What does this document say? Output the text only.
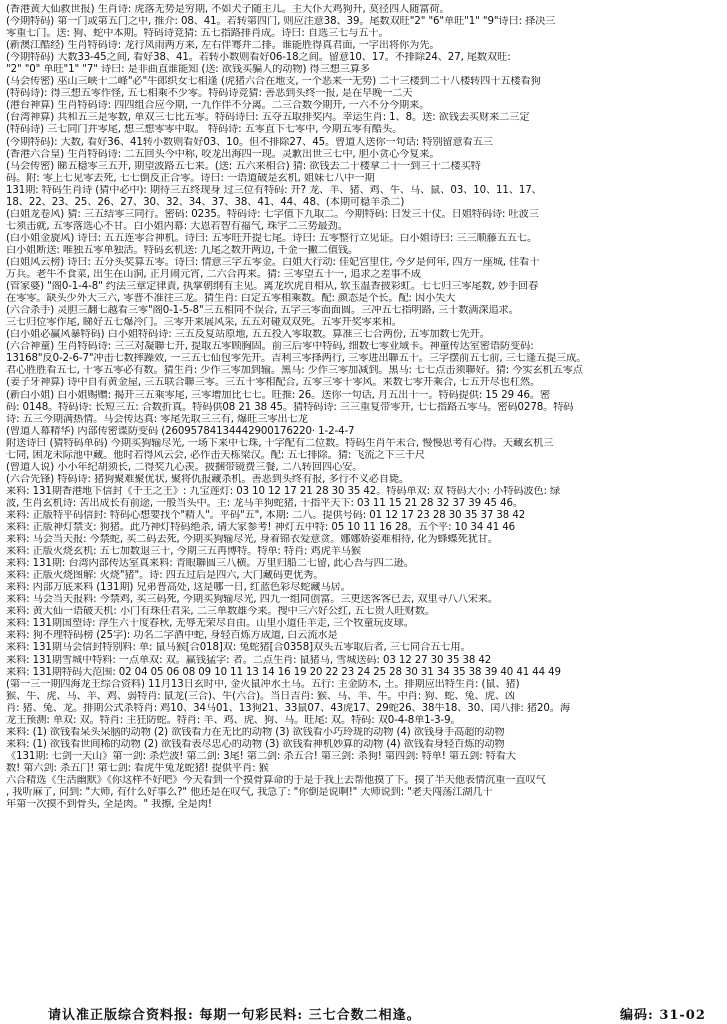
(香港黄大仙救世报) 生肖诗: 虎落无势是穷期, 不如犬子随主儿。主大仆大鸡狗升, 莫径四人随富荷。
(今期特码) 第一门或第五门之中, 推介: 08、41。若转第四门, 则应注意38、39。尾数双旺"2" "6"单旺"1" "9"诗曰: 择决三
零重七门。送: 狗、蛇中本期。特码诗竞猜: 五七指路排肖成。诗曰: 自选三七与五十。
(新澳江酷经) 生肖特码诗: 龙行凤雨两方来, 左右伴骞并二排。谁能胜得真君面, 一字出将你为先。
(今期特码) 大数33-45之间, 看好38、41。若转小数则看好06-18之间。留意10、17。不排除24、27, 尾数双旺:
"2" "0" 单旺"1" "7" 诗曰: 是非曲直谁能知 (送: 欲钱买骗人的动物) 得三想三算多
(马会传密) 巫山三峡十二峰"必"牛郎织女七相逢 (虎猪六合在地支, 一个恶来一无势) 二十三楼到二十八楼转四十五楼看狗
(特码诗): 得三想五零作怪, 五七相乘不少零。特码诗竞猜: 善恶到头终一报, 是在早晚一二天
(港台神算) 生肖特码诗: 四四组合应今期, 一九作伴不分离。二三合数今期开, 一六不分今期来。
(台湾神算) 共和五三是零数, 单双三七比五零。特码诗曰: 五夺五取排奖内。幸运生肖: 1、8。送: 欲钱去买财来二三定
(特码诗) 三七同门并零尾, 想三想零零中取。 特码诗: 五零直下七零中, 今期五零有酷头。
(今期特码): 大数, 看好36、41转小数则看好03、10。但不排除27、45。曾道人送你一句话: 特别留意看五三
(香港六合皇) 生肖特码诗: 二五回头今中称, 咬龙出海四一现。灵歉出世三七中, 胆小贪心今复来。
(马会传密) 睇五稳零三五开, 期望波路五七来。(送: 五六来相合) 猜: 欲钱去二十楼拿二十一到三十二楼买特
码。附: 零上七见零去死, 七七倒反正合零。诗曰: 一语道破是玄机, 姐妹七八中一期
131期: 特码生肖诗 (猜中必中): 期待三五终现身 过三位有特码: 开? 龙、羊、猪、鸡、牛、马、鼠、03、10、11、17、
18、22、23、25、26、27、30、32、34、37、38、41、44、48、(本期可稳羊杀二)
(白姐龙卷风) 猜: 三五结零三同行。密码: 0235。特码诗: 七字值下九取二。今期特码: 日发三十仗。日姐特码诗: 吐波三
七须击就, 五零落选心不甘。白小姐内幕: 大恩若智有福气, 珠宇二三势最劲。
(白小姐金旋风) 诗曰: 五五连零合神机。诗曰: 五零旺开提七尾。诗曰: 五零整行立见证。白小姐诗曰: 三三顺藤五五七。
白小姐断送: 唯独五零单独活。特码玄机送: 九尾之数开两边, 千金一撇二值钱。
(白姐风云榜) 诗曰: 五分头奖算五零。诗曰: 情意三字五零金。白姐大行动: 佳妃宫里住, 今夕是何年, 四方一座城, 住看十
万兵。老牛不食菜, 出生在山洞, 正月闹元宵, 二六合再来。猜: 三零望五十一, 追求之差事不成
(管家婆) "阁0-1-4-8" 约法三章定律責, 执掌朝纲有主见。离龙坎虎自相从, 软玉温香披彩虹。七七归三零尾数, 妙手回春
在零零。缺头少外大三六, 零普不准往三龙。猜生肖: 白定五零相乘数。配: 颜态是个长。配: 因小失大
(六合杀手) 灵胆三翻七越看三零"阁0-1-5-8"三五相同不误合, 五字三零面面圆。三冲五七指明路, 三十数满深追求。
三七归位零作尾, 睇好五七爆冷门。三零开来展风采, 五五对碰双双死。五零开奖零来和。
(白小姐必赢风暴特码) 白小姐特码诗: 三五反复站原地, 五五投入零取数。算准三七合两份, 五零加数七先开。
(六合神童) 生肖特码诗: 三三对凝聯七开, 提取五零顾胸固。前三后零中特码, 细数七零业域卡。神童传达室密语防变码:
13168"反0-2-6-7"冲击七数摔躁效, 一三五七仙包零先开。吉利三零择两行, 三零进出聯五十。三字摆前五七前, 三七逢五提三成。
君心胜胜看五七, 十零五零必有数。猜生肖: 少作三零加到输。黑马: 少作三零加减到。黑马: 七七点击须聯好。猜: 今实玄机五零点
(姜子牙神算) 诗中自有黄金屋, 三五联合聯三零。三五十零相配合, 五零三零十零风。来数七零开乘合, 七五开尽也杠然。
(新白小姐) 白小姐赐赠: 揭开三五乘零尾, 三零增加比七七。旺推: 26。送你一句话, 月五出十一。特码提供: 15 29 46。密
码: 0148。特码诗: 长短三五: 合数折真。特码供08 21 38 45。猜特码诗: 三三重复带零开, 七七指路五零马。密码0278。特码
诗: 五三今期满热情。马会传达真: 零尾先取三三有, 爆旺三零出七龙
(曾道人幕精华) 内部传密谍防变码 (26095784134442900176220· 1-2-4-7
附送诗曰 (猜特码单码) 今期买狗输尽光, 一场下来中七珠, 十字配有二位数。特码生肖午未合, 慢慢思考有心得。天藏玄机三
七同, 困龙未际池中藏。他时若得风云会, 必作击天栋梁汉。配: 五七排除。猜: 飞流之下三千尺
(曾道人说) 小小年纪胡须长, 二得奖九心羡。披捆带镜费三餐, 二八转回四心安。
(六合先锋) 特码诗: 猪狗聚难聚优状, 聚将仇报藏杀机。善恶到头终有报, 多行不义必自毙。
来料: 131期香港地下信封《千王之王》: 九宝莲灯: 03 10 12 17 21 28 30 35 42。特码单双: 双 特码大小: 小特码波色: 绿
波, 生肖玄机诗: 苦出成长有前途, 一般当头中。主: 龙马羊狗蛇猪, 十指平天下: 03 11 15 21 28 32 37 39 45 46。
来料: 正版特平码信封: 特码心想要找个"精人"。平码"五", 本期: 二八。提供号码: 01 12 17 23 28 30 35 37 38 42
来料: 正版神灯禁支: 狗猪。此乃神灯特码绝杀, 请大家参考! 神灯五中特: 05 10 11 16 28。五个平: 10 34 41 46
来料: 马会当天报: 今禁蛇, 买二码去死, 今期买狗输尽光, 身着锦衣爱意贪。娜娜娇姿难相待, 化为蜂蝶死犹甘。
来料: 正版火烧玄机: 五七加数退三十, 今期三五再博特。特单: 特肖: 鸡虎羊马猴
来料: 131期: 台湾内部传达室真来料: 青眼聯圆三八横。万里归船二七留, 此心吾与四二逊。
来料: 正版火烧图解: 火烧"猪"。诗: 四五过后是四六, 大门藏码更优秀。
来料: 内部万底来料 (131期) 兄弟普高处, 这是哪一日, 红蓝色彩尽蛇藏马居。
来料: 马会当天报料: 今禁鸡, 买三码死, 今期买狗输尽光, 四九一组同创富。三更送客客已去, 双里寻八八宋来。
来料: 黄大仙一语破天机: 小门有珠任君采, 二三单数雄今来。搜中三六好公红, 五七贵人旺财数。
来料: 131期国塑诗: 浮生六十度春秋, 无辱无荣尽自由。山里小道任羊走, 三个牧童玩皮球。
来料: 狗不理特码榜 (25字): 功名二字酒中蛇, 身轻百炼方成道, 白云流水是
来料: 131期马会信封特别料: 单: 鼠马猴[合018]双: 兔蛇猪[合0358]双头五零取后者, 三七同合五七用。
来料: 131期雪城中特料: 一点单双: 双。赢钱猛字: 者。二点生肖: 鼠猪马, 雪城送码: 03 12 27 30 35 38 42
来料: 131期特码大范围: 02 04 05 06 08 09 10 11 13 14 16 19 20 22 23 24 25 28 30 31 34 35 38 39 40 41 44 49
(第一三一期四海龙王综合资料) 11月13日玄时中, 金火鼠冲水土马。五行: 主金防木, 土。排期应出特生肖: (鼠、猪)
猴、牛、虎、马、羊、鸡、弱特肖: 鼠龙(三合)、牛(六合)。当日吉肖: 猴、马、羊、牛。中肖: 狗、蛇、兔、虎、凶
肖: 猪、兔、龙。排期公式杀特肖: 鸡10、34马01、13狗21、33鼠07、43虎17、29蛇26、38牛18、30、闰八排: 猪20。海
龙王预测: 单双: 双。特肖: 主狂防蛇。特肖: 羊、鸡、虎、狗、马。旺尾: 双。特码: 双0-4-8单1-3-9。
来料: (1) 欲钱看呆头呆脑的动物 (2) 欲钱看力在无比的动物 (3) 欲钱看小巧玲珑的动物 (4) 欲钱身手高超的动物
来料: (1) 欲钱看世间稀的动物 (2) 欲钱看表尽忠心的动物 (3) 欲钱看神机妙算的动物 (4) 欲钱看身轻百炼的动物
《131期: 七剑一天山》第一剑: 杀烂波! 第二剑: 3尾! 第二剑: 杀五合! 第三剑: 杀狗! 第四剑: 特单! 第五剑: 特看大
数! 第六剑: 杀五门! 第七剑: 看虎牛兔龙蛇猪! 提供平肖: 猴
六合精选《生活幽默》《你这样不好吧》今天看到一个摸骨算命的于是于我上去帮他摸了下。摸了半天他表情沉重一直叹气
, 我听麻了, 问到: "大师, 有什么好事么?" 他还是在叹气, 我急了: "你倒是说啊!" 大师说到: "老夫闯荡江湖几十
年第一次摸不到骨头, 全是肉。" 我擦, 全是肉!
请认准正版综合资料报: 每期一句彩民料: 三七合数二相逢。	编码: 31-02
